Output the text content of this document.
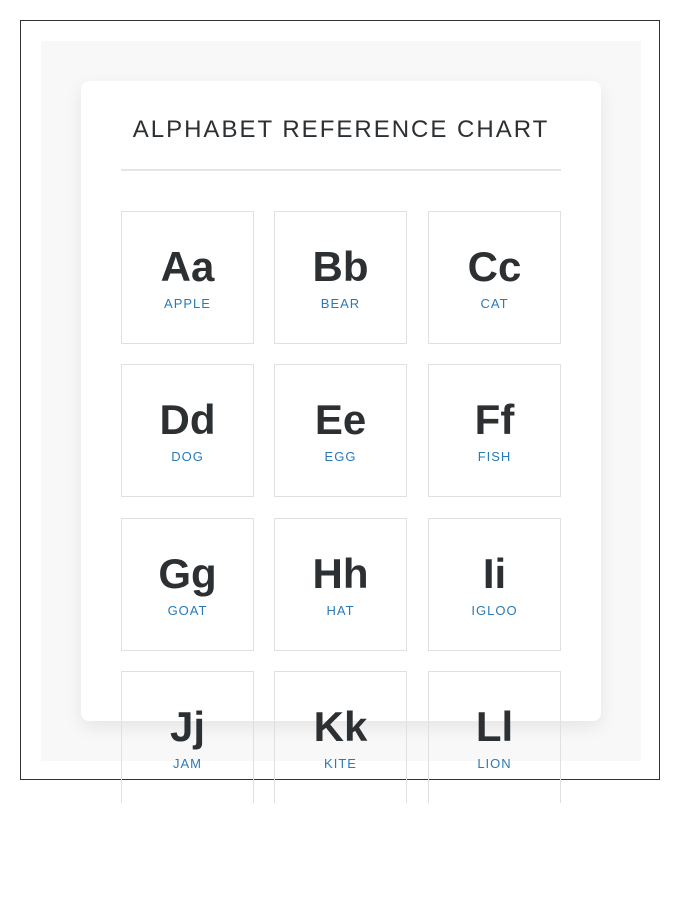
ALPHABET REFERENCE CHART
Aa
APPLE
Bb
BEAR
Cc
CAT
Dd
DOG
Ee
EGG
Ff
FISH
Gg
GOAT
Hh
HAT
Ii
IGLOO
Jj
JAM
Kk
KITE
Ll
LION
